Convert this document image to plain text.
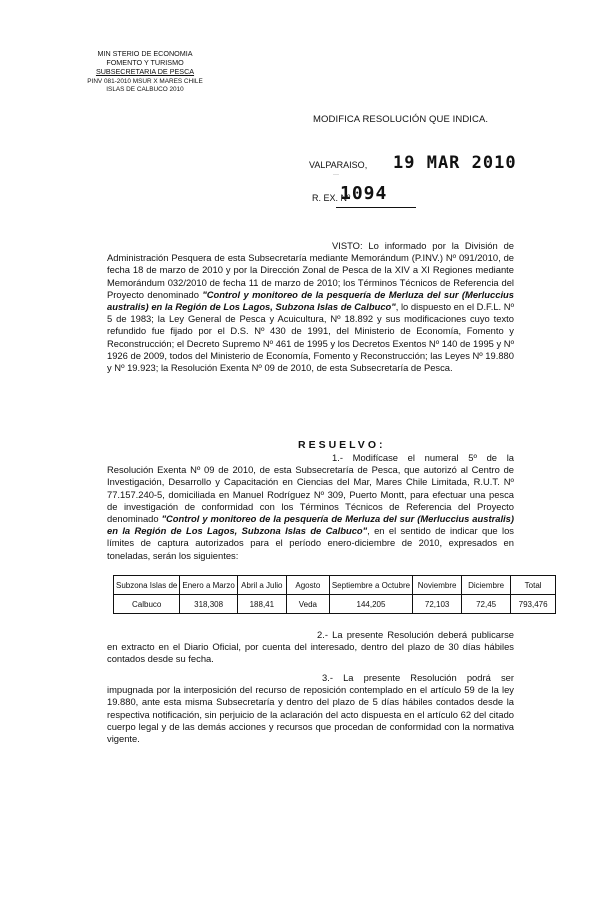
MIN STERIO DE ECONOMIA

FOMENTO Y TURISMO

SUBSECRETARIA DE PESCA

PINV 081-2010 MSUR X MARES CHILE

ISLAS DE CALBUCO 2010

MODIFICA RESOLUCIÓN QUE INDICA.

VALPARAISO, 19 MAR 2010
···

R. EX. Nº

1094

VISTO: Lo informado por la División de Administración Pesquera de esta Subsecretaría mediante Memorándum (P.INV.) Nº 091/2010, de fecha 18 de marzo de 2010 y por la Dirección Zonal de Pesca de la XIV a XI Regiones mediante Memorándum 032/2010 de fecha 11 de marzo de 2010; los Términos Técnicos de Referencia del Proyecto denominado "Control y monitoreo de la pesquería de Merluza del sur (Merluccius australis) en la Región de Los Lagos, Subzona Islas de Calbuco", lo dispuesto en el D.F.L. Nº 5 de 1983; la Ley General de Pesca y Acuicultura, Nº 18.892 y sus modificaciones cuyo texto refundido fue fijado por el D.S. Nº 430 de 1991, del Ministerio de Economía, Fomento y Reconstrucción; el Decreto Supremo Nº 461 de 1995 y los Decretos Exentos Nº 140 de 1995 y Nº 1926 de 2009, todos del Ministerio de Economía, Fomento y Reconstrucción; las Leyes Nº 19.880 y Nº 19.923; la Resolución Exenta Nº 09 de 2010, de esta Subsecretaría de Pesca.

RESUELVO:

1.- Modifícase el numeral 5º de la Resolución Exenta Nº 09 de 2010, de esta Subsecretaría de Pesca, que autorizó al Centro de Investigación, Desarrollo y Capacitación en Ciencias del Mar, Mares Chile Limitada, R.U.T. Nº 77.157.240-5, domiciliada en Manuel Rodríguez Nº 309, Puerto Montt, para efectuar una pesca de investigación de conformidad con los Términos Técnicos de Referencia del Proyecto denominado "Control y monitoreo de la pesquería de Merluza del sur (Merluccius australis) en la Región de Los Lagos, Subzona Islas de Calbuco", en el sentido de indicar que los límites de captura autorizados para el período enero-diciembre de 2010, expresados en toneladas, serán los siguientes:

Subzona Islas de	Enero a Marzo	Abril a Julio	Agosto	Septiembre a Octubre	Noviembre	Diciembre	Total
Calbuco	318,308	188,41	Veda	144,205	72,103	72,45	793,476

2.- La presente Resolución deberá publicarse en extracto en el Diario Oficial, por cuenta del interesado, dentro del plazo de 30 días hábiles contados desde su fecha.

3.- La presente Resolución podrá ser impugnada por la interposición del recurso de reposición contemplado en el artículo 59 de la ley 19.880, ante esta misma Subsecretaría y dentro del plazo de 5 días hábiles contados desde la respectiva notificación, sin perjuicio de la aclaración del acto dispuesta en el artículo 62 del citado cuerpo legal y de las demás acciones y recursos que procedan de conformidad con la normativa vigente.
